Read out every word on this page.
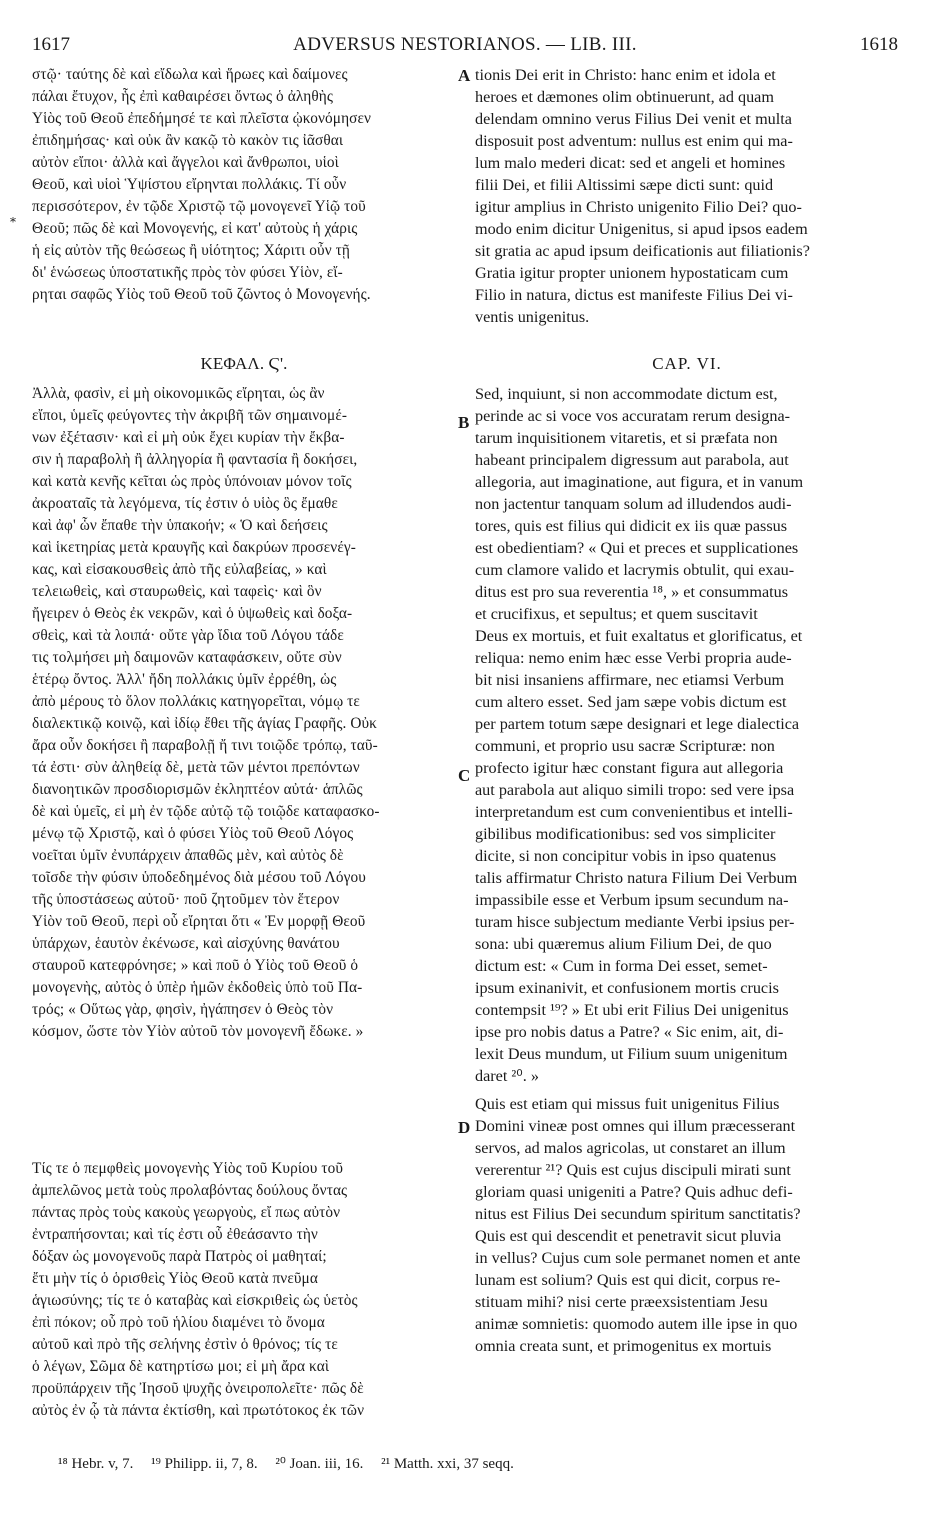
ADVERSUS NESTORIANOS. — LIB. III.
1617	1618
*
στῷ· ταύτης δὲ καὶ εἴδωλα καὶ ἥρωες καὶ δαίμονες
πάλαι ἔτυχον, ἧς ἐπὶ καθαιρέσει ὄντως ὁ ἀληθὴς
Υἱὸς τοῦ Θεοῦ ἐπεδήμησέ τε καὶ πλεῖστα ᾠκονόμησεν
ἐπιδημήσας· καὶ οὐκ ἂν κακῷ τὸ κακὸν τις ἰᾶσθαι
αὐτὸν εἴποι· ἀλλὰ καὶ ἄγγελοι καὶ ἄνθρωποι, υἱοὶ
Θεοῦ, καὶ υἱοὶ Ὑψίστου εἴρηνται πολλάκις. Τί οὖν
περισσότερον, ἐν τῷδε Χριστῷ τῷ μονογενεῖ Υἱῷ τοῦ
Θεοῦ; πῶς δὲ καὶ Μονογενής, εἰ κατ' αὐτοὺς ἡ χάρις
ἡ εἰς αὐτὸν τῆς θεώσεως ἢ υἱότητος; Χάριτι οὖν τῇ
δι' ἑνώσεως ὑποστατικῆς πρὸς τὸν φύσει Υἱὸν, εἴ-
ρηται σαφῶς Υἱὸς τοῦ Θεοῦ τοῦ ζῶντος ὁ Μονογενής.
ΚΕΦΑΛ. Ϛ'.
Ἀλλὰ, φασὶν, εἰ μὴ οἰκονομικῶς εἴρηται, ὡς ἂν
εἴποι, ὑμεῖς φεύγοντες τὴν ἀκριβῆ τῶν σημαινομέ-
νων ἐξέτασιν· καὶ εἰ μὴ οὐκ ἔχει κυρίαν τὴν ἔκβα-
σιν ἡ παραβολὴ ἢ ἀλληγορία ἢ φαντασία ἢ δοκήσει,
καὶ κατὰ κενῆς κεῖται ὡς πρὸς ὑπόνοιαν μόνον τοῖς
ἀκροαταῖς τὰ λεγόμενα, τίς ἐστιν ὁ υἱὸς ὃς ἔμαθε
καὶ ἀφ' ὧν ἔπαθε τὴν ὑπακοήν; « Ὁ καὶ δεήσεις
καὶ ἱκετηρίας μετὰ κραυγῆς καὶ δακρύων προσενέγ-
κας, καὶ εἰσακουσθεὶς ἀπὸ τῆς εὐλαβείας, » καὶ
τελειωθεὶς, καὶ σταυρωθεὶς, καὶ ταφεὶς· καὶ ὃν
ἤγειρεν ὁ Θεὸς ἐκ νεκρῶν, καὶ ὁ ὑψωθεὶς καὶ δοξα-
σθεὶς, καὶ τὰ λοιπά· οὔτε γὰρ ἴδια τοῦ Λόγου τάδε
τις τολμήσει μὴ δαιμονῶν καταφάσκειν, οὔτε σὺν
ἑτέρῳ ὄντος. Ἀλλ' ἤδη πολλάκις ὑμῖν ἐρρέθη, ὡς
ἀπὸ μέρους τὸ ὅλον πολλάκις κατηγορεῖται, νόμῳ τε
διαλεκτικῷ κοινῷ, καὶ ἰδίῳ ἔθει τῆς ἁγίας Γραφῆς. Οὐκ
ἄρα οὖν δοκήσει ἢ παραβολῇ ἤ τινι τοιῷδε τρόπῳ, ταῦ-
τά ἐστι· σὺν ἀληθείᾳ δὲ, μετὰ τῶν μέντοι πρεπόντων
διανοητικῶν προσδιορισμῶν ἐκληπτέον αὐτά· ἁπλῶς
δὲ καὶ ὑμεῖς, εἰ μὴ ἐν τῷδε αὐτῷ τῷ τοιῷδε καταφασκο-
μένῳ τῷ Χριστῷ, καὶ ὁ φύσει Υἱὸς τοῦ Θεοῦ Λόγος
νοεῖται ὑμῖν ἐνυπάρχειν ἀπαθῶς μὲν, καὶ αὐτὸς δὲ
τοῖσδε τὴν φύσιν ὑποδεδημένος διὰ μέσου τοῦ Λόγου
τῆς ὑποστάσεως αὐτοῦ· ποῦ ζητοῦμεν τὸν ἕτερον
Υἱὸν τοῦ Θεοῦ, περὶ οὗ εἴρηται ὅτι « Ἐν μορφῇ Θεοῦ
ὑπάρχων, ἑαυτὸν ἐκένωσε, καὶ αἰσχύνης θανάτου
σταυροῦ κατεφρόνησε; » καὶ ποῦ ὁ Υἱὸς τοῦ Θεοῦ ὁ
μονογενὴς, αὐτὸς ὁ ὑπὲρ ἡμῶν ἐκδοθεὶς ὑπὸ τοῦ Πα-
τρός; « Οὕτως γὰρ, φησὶν, ἠγάπησεν ὁ Θεὸς τὸν
κόσμον, ὥστε τὸν Υἱὸν αὐτοῦ τὸν μονογενῆ ἔδωκε. »
Τίς τε ὁ πεμφθεὶς μονογενὴς Υἱὸς τοῦ Κυρίου τοῦ
ἀμπελῶνος μετὰ τοὺς προλαβόντας δούλους ὄντας
πάντας πρὸς τοὺς κακοὺς γεωργοὺς, εἴ πως αὐτὸν
ἐντραπήσονται; καὶ τίς ἐστι οὗ ἐθεάσαντο τὴν
δόξαν ὡς μονογενοῦς παρὰ Πατρὸς οἱ μαθηταί;
ἔτι μὴν τίς ὁ ὁρισθεὶς Υἱὸς Θεοῦ κατὰ πνεῦμα
ἁγιωσύνης; τίς τε ὁ καταβὰς καὶ εἰσκριθεὶς ὡς ὑετὸς
ἐπὶ πόκον; οὗ πρὸ τοῦ ἡλίου διαμένει τὸ ὄνομα
αὐτοῦ καὶ πρὸ τῆς σελήνης ἐστὶν ὁ θρόνος; τίς τε
ὁ λέγων, Σῶμα δὲ κατηρτίσω μοι; εἰ μὴ ἄρα καὶ
προϋπάρχειν τῆς Ἰησοῦ ψυχῆς ὀνειροπολεῖτε· πῶς δὲ
αὐτὸς ἐν ᾧ τὰ πάντα ἐκτίσθη, καὶ πρωτότοκος ἐκ τῶν
tionis Dei erit in Christo: hanc enim et idola et
heroes et dæmones olim obtinuerunt, ad quam
delendam omnino verus Filius Dei venit et multa
disposuit post adventum: nullus est enim qui ma-
lum malo mederi dicat: sed et angeli et homines
filii Dei, et filii Altissimi sæpe dicti sunt: quid
igitur amplius in Christo unigenito Filio Dei? quo-
modo enim dicitur Unigenitus, si apud ipsos eadem
sit gratia ac apud ipsum deificationis aut filiationis?
Gratia igitur propter unionem hypostaticam cum
Filio in natura, dictus est manifeste Filius Dei vi-
ventis unigenitus.
CAP. VI.
Sed, inquiunt, si non accommodate dictum est,
perinde ac si voce vos accuratam rerum designa-
tarum inquisitionem vitaretis, et si præfata non
habeant principalem digressum aut parabola, aut
allegoria, aut imaginatione, aut figura, et in vanum
non jactentur tanquam solum ad illudendos audi-
tores, quis est filius qui didicit ex iis quæ passus
est obedientiam? « Qui et preces et supplicationes
cum clamore valido et lacrymis obtulit, qui exau-
ditus est pro sua reverentia ¹⁸, » et consummatus
et crucifixus, et sepultus; et quem suscitavit
Deus ex mortuis, et fuit exaltatus et glorificatus, et
reliqua: nemo enim hæc esse Verbi propria aude-
bit nisi insaniens affirmare, nec etiamsi Verbum
cum altero esset. Sed jam sæpe vobis dictum est
per partem totum sæpe designari et lege dialectica
communi, et proprio usu sacræ Scripturæ: non
profecto igitur hæc constant figura aut allegoria
aut parabola aut aliquo simili tropo: sed vere ipsa
interpretandum est cum convenientibus et intelli-
gibilibus modificationibus: sed vos simpliciter
dicite, si non concipitur vobis in ipso quatenus
talis affirmatur Christo natura Filium Dei Verbum
impassibile esse et Verbum ipsum secundum na-
turam hisce subjectum mediante Verbi ipsius per-
sona: ubi quæremus alium Filium Dei, de quo
dictum est: « Cum in forma Dei esset, semet-
ipsum exinanivit, et confusionem mortis crucis
contempsit ¹⁹? » Et ubi erit Filius Dei unigenitus
ipse pro nobis datus a Patre? « Sic enim, ait, di-
lexit Deus mundum, ut Filium suum unigenitum
daret ²⁰. »
Quis est etiam qui missus fuit unigenitus Filius
Domini vineæ post omnes qui illum præcesserant
servos, ad malos agricolas, ut constaret an illum
vererentur ²¹? Quis est cujus discipuli mirati sunt
gloriam quasi unigeniti a Patre? Quis adhuc defi-
nitus est Filius Dei secundum spiritum sanctitatis?
Quis est qui descendit et penetravit sicut pluvia
in vellus? Cujus cum sole permanet nomen et ante
lunam est solium? Quis est qui dicit, corpus re-
stituam mihi? nisi certe præexsistentiam Jesu
animæ somnietis: quomodo autem ille ipse in quo
omnia creata sunt, et primogenitus ex mortuis
A
B
C
D
¹⁸ Hebr. v, 7. ¹⁹ Philipp. ii, 7, 8. ²⁰ Joan. iii, 16. ²¹ Matth. xxi, 37 seqq.
